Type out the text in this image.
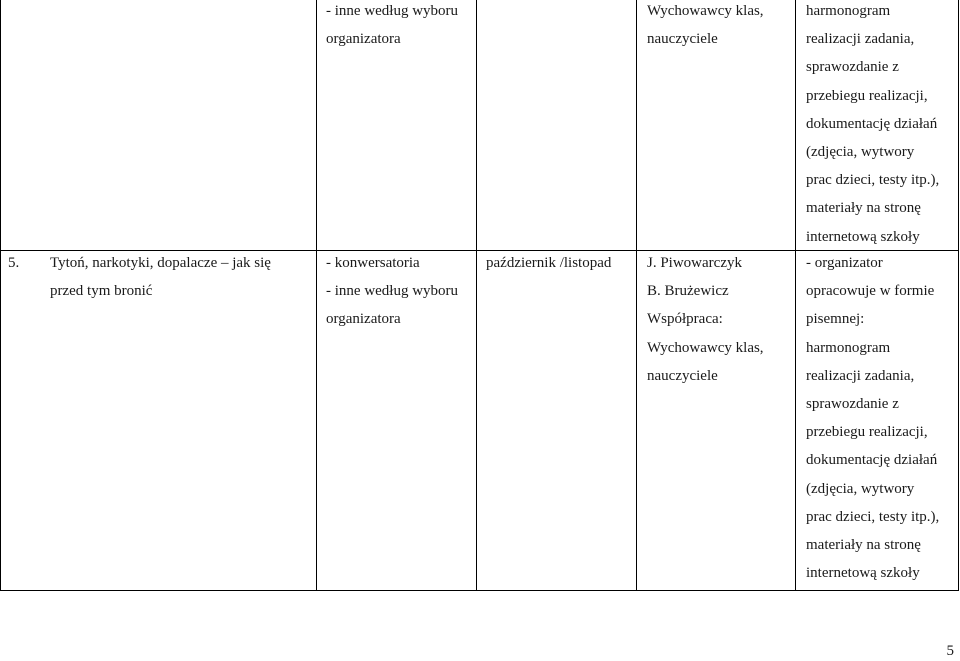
- inne według wyboru
organizatora
Wychowawcy klas,
nauczyciele
harmonogram
realizacji zadania,
sprawozdanie z
przebiegu realizacji,
dokumentację działań
(zdjęcia, wytwory
prac dzieci, testy itp.),
materiały na stronę
internetową szkoły
5. Tytoń, narkotyki, dopalacze – jak się
przed tym bronić
- konwersatoria
- inne według wyboru
organizatora
październik /listopad J. Piwowarczyk
B. Brużewicz
Współpraca:
Wychowawcy klas,
nauczyciele
- organizator
opracowuje w formie
pisemnej:
harmonogram
realizacji zadania,
sprawozdanie z
przebiegu realizacji,
dokumentację działań
(zdjęcia, wytwory
prac dzieci, testy itp.),
materiały na stronę
internetową szkoły
5
